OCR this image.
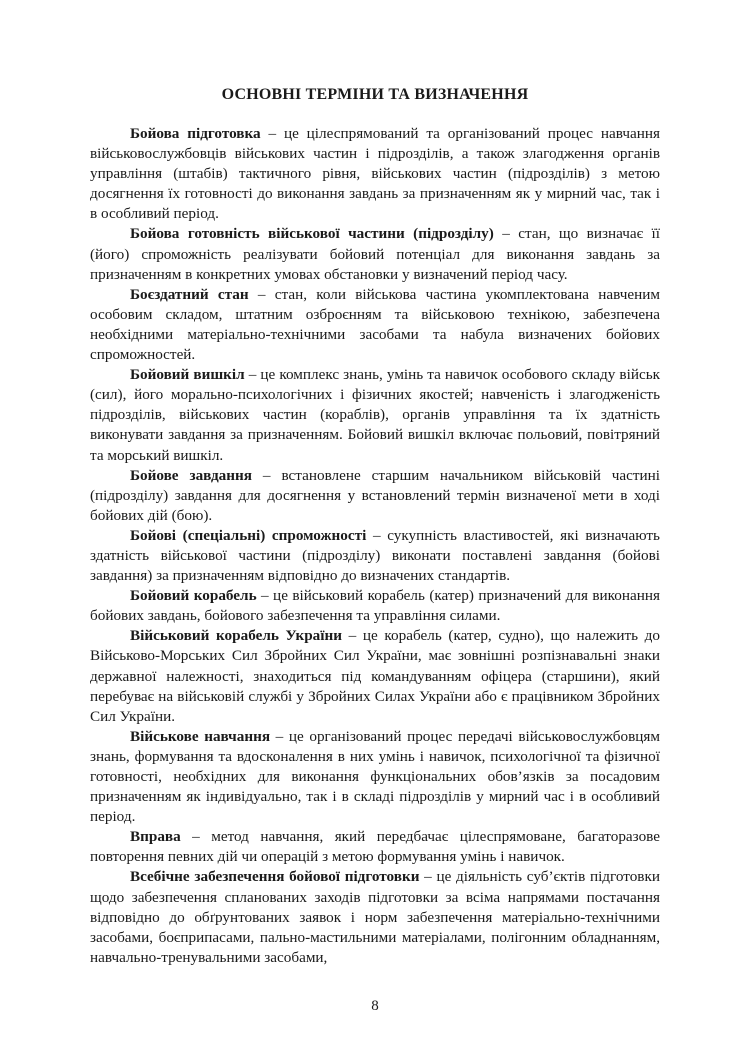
ОСНОВНІ ТЕРМІНИ ТА ВИЗНАЧЕННЯ

Бойова підготовка – це цілеспрямований та організований процес навчання військовослужбовців військових частин і підрозділів, а також злагодження органів управління (штабів) тактичного рівня, військових частин (підрозділів) з метою досягнення їх готовності до виконання завдань за призначенням як у мирний час, так і в особливий період.

Бойова готовність військової частини (підрозділу) – стан, що визначає її (його) спроможність реалізувати бойовий потенціал для виконання завдань за призначенням в конкретних умовах обстановки у визначений період часу.

Боєздатний стан – стан, коли військова частина укомплектована навченим особовим складом, штатним озброєнням та військовою технікою, забезпечена необхідними матеріально-технічними засобами та набула визначених бойових спроможностей.

Бойовий вишкіл – це комплекс знань, умінь та навичок особового складу військ (сил), його морально-психологічних і фізичних якостей; навченість і злагодженість підрозділів, військових частин (кораблів), органів управління та їх здатність виконувати завдання за призначенням. Бойовий вишкіл включає польовий, повітряний та морський вишкіл.

Бойове завдання – встановлене старшим начальником військовій частині (підрозділу) завдання для досягнення у встановлений термін визначеної мети в ході бойових дій (бою).

Бойові (спеціальні) спроможності – сукупність властивостей, які визначають здатність військової частини (підрозділу) виконати поставлені завдання (бойові завдання) за призначенням відповідно до визначених стандартів.

Бойовий корабель – це військовий корабель (катер) призначений для виконання бойових завдань, бойового забезпечення та управління силами.

Військовий корабель України – це корабель (катер, судно), що належить до Військово-Морських Сил Збройних Сил України, має зовнішні розпізнавальні знаки державної належності, знаходиться під командуванням офіцера (старшини), який перебуває на військовій службі у Збройних Силах України або є працівником Збройних Сил України.

Військове навчання – це організований процес передачі військовослужбовцям знань, формування та вдосконалення в них умінь і навичок, психологічної та фізичної готовності, необхідних для виконання функціональних обов’язків за посадовим призначенням як індивідуально, так і в складі підрозділів у мирний час і в особливий період.

Вправа – метод навчання, який передбачає цілеспрямоване, багаторазове повторення певних дій чи операцій з метою формування умінь і навичок.

Всебічне забезпечення бойової підготовки – це діяльність суб’єктів підготовки щодо забезпечення спланованих заходів підготовки за всіма напрямами постачання відповідно до обґрунтованих заявок і норм забезпечення матеріально-технічними засобами, боєприпасами, пально-мастильними матеріалами, полігонним обладнанням, навчально-тренувальними засобами,

8
